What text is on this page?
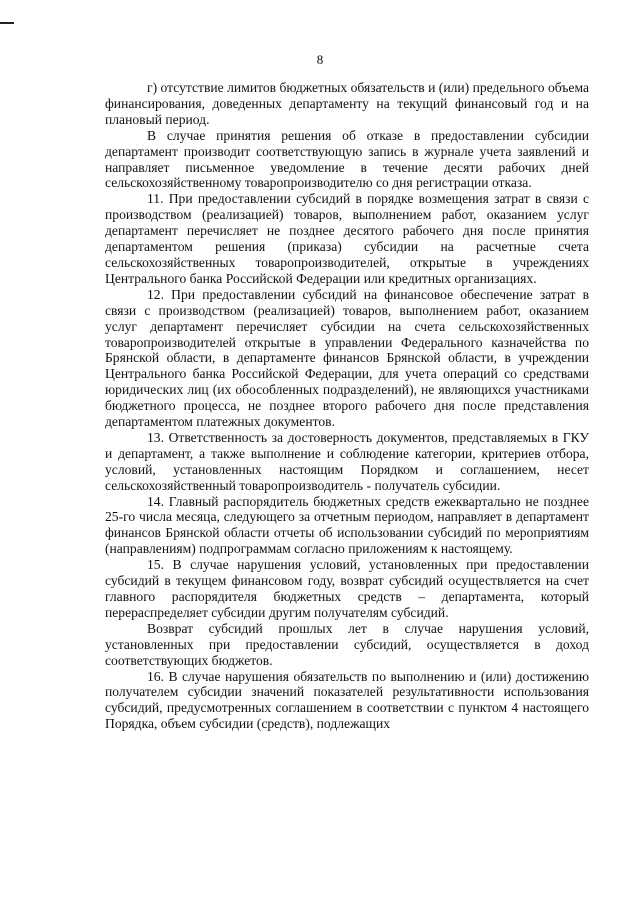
8

г) отсутствие лимитов бюджетных обязательств и (или) предельного объема финансирования, доведенных департаменту на текущий финансовый год и на плановый период.

В случае принятия решения об отказе в предоставлении субсидии департамент производит соответствующую запись в журнале учета заявлений и направляет письменное уведомление в течение десяти рабочих дней сельскохозяйственному товаропроизводителю со дня регистрации отказа.

11. При предоставлении субсидий в порядке возмещения затрат в связи с производством (реализацией) товаров, выполнением работ, оказанием услуг департамент перечисляет не позднее десятого рабочего дня после принятия департаментом решения (приказа) субсидии на расчетные счета сельскохозяйственных товаропроизводителей, открытые в учреждениях Центрального банка Российской Федерации или кредитных организациях.

12. При предоставлении субсидий на финансовое обеспечение затрат в связи с производством (реализацией) товаров, выполнением работ, оказанием услуг департамент перечисляет субсидии на счета сельскохозяйственных товаропроизводителей открытые в управлении Федерального казначейства по Брянской области, в департаменте финансов Брянской области, в учреждении Центрального банка Российской Федерации, для учета операций со средствами юридических лиц (их обособленных подразделений), не являющихся участниками бюджетного процесса, не позднее второго рабочего дня после представления департаментом платежных документов.

13. Ответственность за достоверность документов, представляемых в ГКУ и департамент, а также выполнение и соблюдение категории, критериев отбора, условий, установленных настоящим Порядком и соглашением, несет сельскохозяйственный товаропроизводитель - получатель субсидии.

14. Главный распорядитель бюджетных средств ежеквартально не позднее 25-го числа месяца, следующего за отчетным периодом, направляет в департамент финансов Брянской области отчеты об использовании субсидий по мероприятиям (направлениям) подпрограммам согласно приложениям к настоящему.

15. В случае нарушения условий, установленных при предоставлении субсидий в текущем финансовом году, возврат субсидий осуществляется на счет главного распорядителя бюджетных средств – департамента, который перераспределяет субсидии другим получателям субсидий.

Возврат субсидий прошлых лет в случае нарушения условий, установленных при предоставлении субсидий, осуществляется в доход соответствующих бюджетов.

16. В случае нарушения обязательств по выполнению и (или) достижению получателем субсидии значений показателей результативности использования субсидий, предусмотренных соглашением в соответствии с пунктом 4 настоящего Порядка, объем субсидии (средств), подлежащих
